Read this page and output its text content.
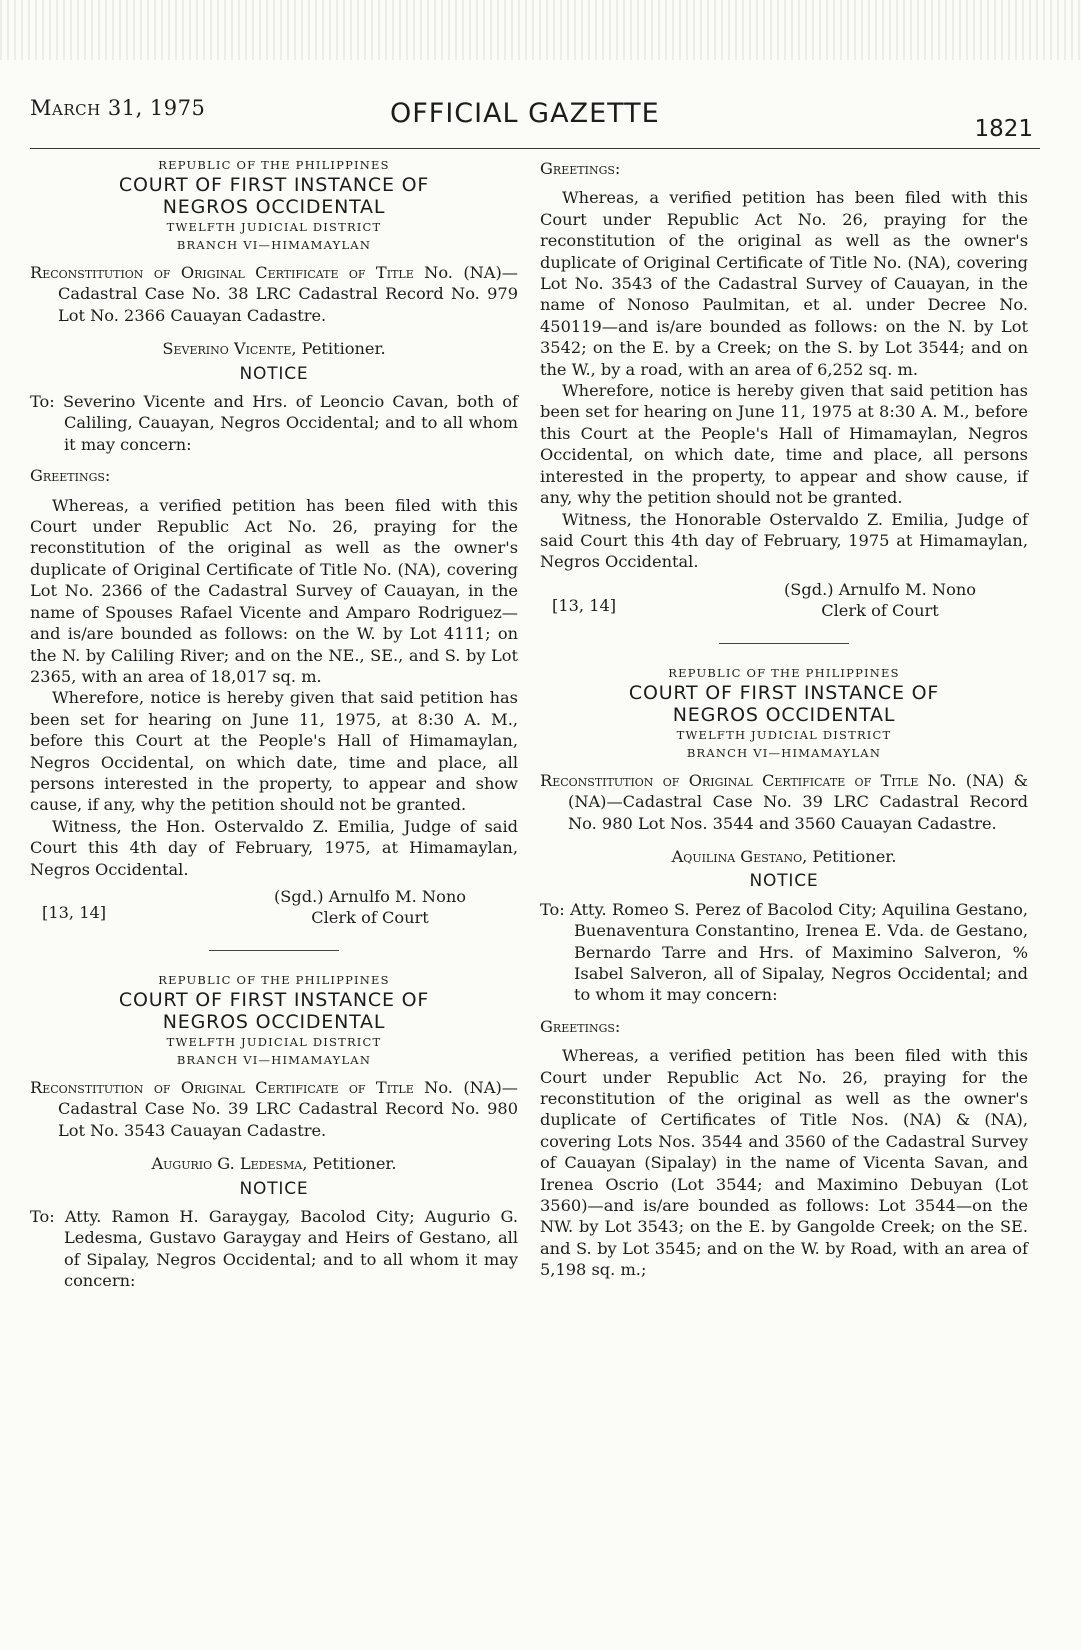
March 31, 1975	OFFICIAL GAZETTE	1821
REPUBLIC OF THE PHILIPPINES
COURT OF FIRST INSTANCE OF
NEGROS OCCIDENTAL
TWELFTH JUDICIAL DISTRICT
BRANCH VI—HIMAMAYLAN
Reconstitution of Original Certificate of Title No. (NA)—Cadastral Case No. 38 LRC Cadastral Record No. 979 Lot No. 2366 Cauayan Cadastre.
Severino Vicente, Petitioner.
NOTICE
To: Severino Vicente and Hrs. of Leoncio Cavan, both of Caliling, Cauayan, Negros Occidental; and to all whom it may concern:
Greetings:

Whereas, a verified petition has been filed with this Court under Republic Act No. 26, praying for the reconstitution of the original as well as the owner's duplicate of Original Certificate of Title No. (NA), covering Lot No. 2366 of the Cadastral Survey of Cauayan, in the name of Spouses Rafael Vicente and Amparo Rodriguez—and is/are bounded as follows: on the W. by Lot 4111; on the N. by Caliling River; and on the NE., SE., and S. by Lot 2365, with an area of 18,017 sq. m.

Wherefore, notice is hereby given that said petition has been set for hearing on June 11, 1975, at 8:30 A. M., before this Court at the People's Hall of Himamaylan, Negros Occidental, on which date, time and place, all persons interested in the property, to appear and show cause, if any, why the petition should not be granted.

Witness, the Hon. Ostervaldo Z. Emilia, Judge of said Court this 4th day of February, 1975, at Himamaylan, Negros Occidental.

[13, 14]
(Sgd.) Arnulfo M. Nono
Clerk of Court
REPUBLIC OF THE PHILIPPINES
COURT OF FIRST INSTANCE OF
NEGROS OCCIDENTAL
TWELFTH JUDICIAL DISTRICT
BRANCH VI—HIMAMAYLAN
Reconstitution of Original Certificate of Title No. (NA)—Cadastral Case No. 39 LRC Cadastral Record No. 980 Lot No. 3543 Cauayan Cadastre.
Augurio G. Ledesma, Petitioner.
NOTICE
To: Atty. Ramon H. Garaygay, Bacolod City; Augurio G. Ledesma, Gustavo Garaygay and Heirs of Gestano, all of Sipalay, Negros Occidental; and to all whom it may concern:
Greetings:

Whereas, a verified petition has been filed with this Court under Republic Act No. 26, praying for the reconstitution of the original as well as the owner's duplicate of Original Certificate of Title No. (NA), covering Lot No. 3543 of the Cadastral Survey of Cauayan, in the name of Nonoso Paulmitan, et al. under Decree No. 450119—and is/are bounded as follows: on the N. by Lot 3542; on the E. by a Creek; on the S. by Lot 3544; and on the W., by a road, with an area of 6,252 sq. m.

Wherefore, notice is hereby given that said petition has been set for hearing on June 11, 1975 at 8:30 A. M., before this Court at the People's Hall of Himamaylan, Negros Occidental, on which date, time and place, all persons interested in the property, to appear and show cause, if any, why the petition should not be granted.

Witness, the Honorable Ostervaldo Z. Emilia, Judge of said Court this 4th day of February, 1975 at Himamaylan, Negros Occidental.

[13, 14]
(Sgd.) Arnulfo M. Nono
Clerk of Court
REPUBLIC OF THE PHILIPPINES
COURT OF FIRST INSTANCE OF
NEGROS OCCIDENTAL
TWELFTH JUDICIAL DISTRICT
BRANCH VI—HIMAMAYLAN
Reconstitution of Original Certificate of Title No. (NA) & (NA)—Cadastral Case No. 39 LRC Cadastral Record No. 980 Lot Nos. 3544 and 3560 Cauayan Cadastre.
Aquilina Gestano, Petitioner.
NOTICE
To: Atty. Romeo S. Perez of Bacolod City; Aquilina Gestano, Buenaventura Constantino, Irenea E. Vda. de Gestano, Bernardo Tarre and Hrs. of Maximino Salveron, % Isabel Salveron, all of Sipalay, Negros Occidental; and to whom it may concern:
Greetings:

Whereas, a verified petition has been filed with this Court under Republic Act No. 26, praying for the reconstitution of the original as well as the owner's duplicate of Certificates of Title Nos. (NA) & (NA), covering Lots Nos. 3544 and 3560 of the Cadastral Survey of Cauayan (Sipalay) in the name of Vicenta Savan, and Irenea Oscrio (Lot 3544; and Maximino Debuyan (Lot 3560)—and is/are bounded as follows: Lot 3544—on the NW. by Lot 3543; on the E. by Gangolde Creek; on the SE. and S. by Lot 3545; and on the W. by Road, with an area of 5,198 sq. m.;
